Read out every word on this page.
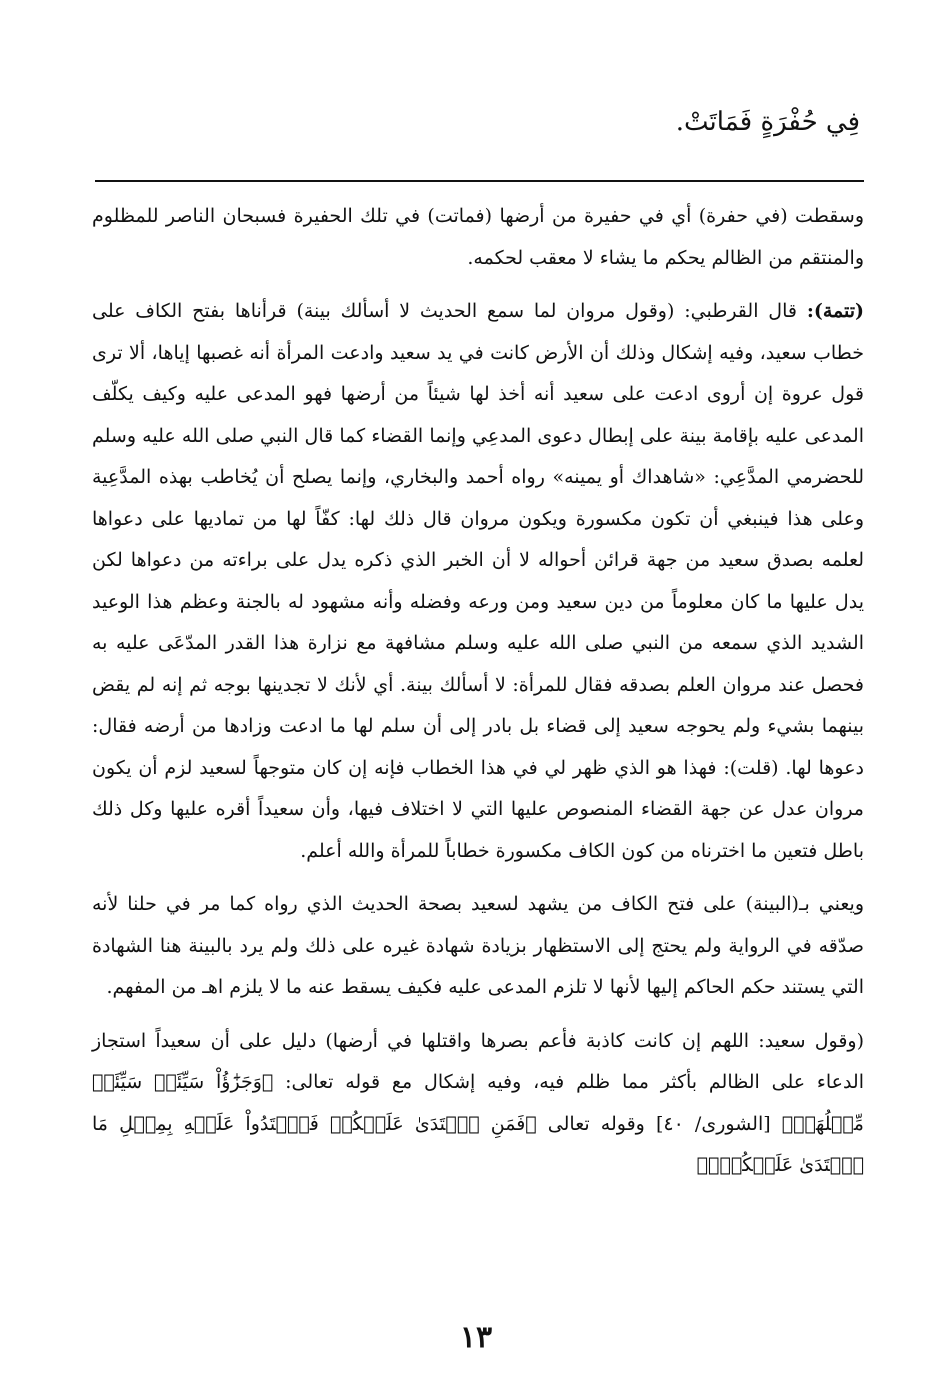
فِي حُفْرَةٍ فَمَاتَتْ.

وسقطت (في حفرة) أي في حفيرة من أرضها (فماتت) في تلك الحفيرة فسبحان الناصر للمظلوم والمنتقم من الظالم يحكم ما يشاء لا معقب لحكمه.

(تتمة): قال القرطبي: (وقول مروان لما سمع الحديث لا أسألك بينة) قرأناها بفتح الكاف على خطاب سعيد، وفيه إشكال وذلك أن الأرض كانت في يد سعيد وادعت المرأة أنه غصبها إياها، ألا ترى قول عروة إن أروى ادعت على سعيد أنه أخذ لها شيئاً من أرضها فهو المدعى عليه وكيف يكلّف المدعى عليه بإقامة بينة على إبطال دعوى المدعِي وإنما القضاء كما قال النبي صلى الله عليه وسلم للحضرمي المدَّعِي: «شاهداك أو يمينه» رواه أحمد والبخاري، وإنما يصلح أن يُخاطب بهذه المدَّعِية وعلى هذا فينبغي أن تكون مكسورة ويكون مروان قال ذلك لها: كفّاً لها من تماديها على دعواها لعلمه بصدق سعيد من جهة قرائن أحواله لا أن الخبر الذي ذكره يدل على براءته من دعواها لكن يدل عليها ما كان معلوماً من دين سعيد ومن ورعه وفضله وأنه مشهود له بالجنة وعظم هذا الوعيد الشديد الذي سمعه من النبي صلى الله عليه وسلم مشافهة مع نزارة هذا القدر المدّعَى عليه به فحصل عند مروان العلم بصدقه فقال للمرأة: لا أسألك بينة. أي لأنك لا تجدينها بوجه ثم إنه لم يقض بينهما بشيء ولم يحوجه سعيد إلى قضاء بل بادر إلى أن سلم لها ما ادعت وزادها من أرضه فقال: دعوها لها. (قلت): فهذا هو الذي ظهر لي في هذا الخطاب فإنه إن كان متوجهاً لسعيد لزم أن يكون مروان عدل عن جهة القضاء المنصوص عليها التي لا اختلاف فيها، وأن سعيداً أقره عليها وكل ذلك باطل فتعين ما اخترناه من كون الكاف مكسورة خطاباً للمرأة والله أعلم.

ويعني بـ(البينة) على فتح الكاف من يشهد لسعيد بصحة الحديث الذي رواه كما مر في حلنا لأنه صدّقه في الرواية ولم يحتج إلى الاستظهار بزيادة شهادة غيره على ذلك ولم يرد بالبينة هنا الشهادة التي يستند حكم الحاكم إليها لأنها لا تلزم المدعى عليه فكيف يسقط عنه ما لا يلزم اهـ من المفهم.

(وقول سعيد: اللهم إن كانت كاذبة فأعم بصرها واقتلها في أرضها) دليل على أن سعيداً استجاز الدعاء على الظالم بأكثر مما ظلم فيه، وفيه إشكال مع قوله تعالى: ﴿وَجَزَٰٓؤُاْ سَيِّئَةٖ سَيِّئَةٞ مِّثۡلُهَاۖ﴾ [الشورى/ ٤٠] وقوله تعالى ﴿فَمَنِ ٱعۡتَدَىٰ عَلَيۡكُمۡ فَٱعۡتَدُواْ عَلَيۡهِ بِمِثۡلِ مَا ٱعۡتَدَىٰ عَلَيۡكُمۡۚ﴾

١٣
